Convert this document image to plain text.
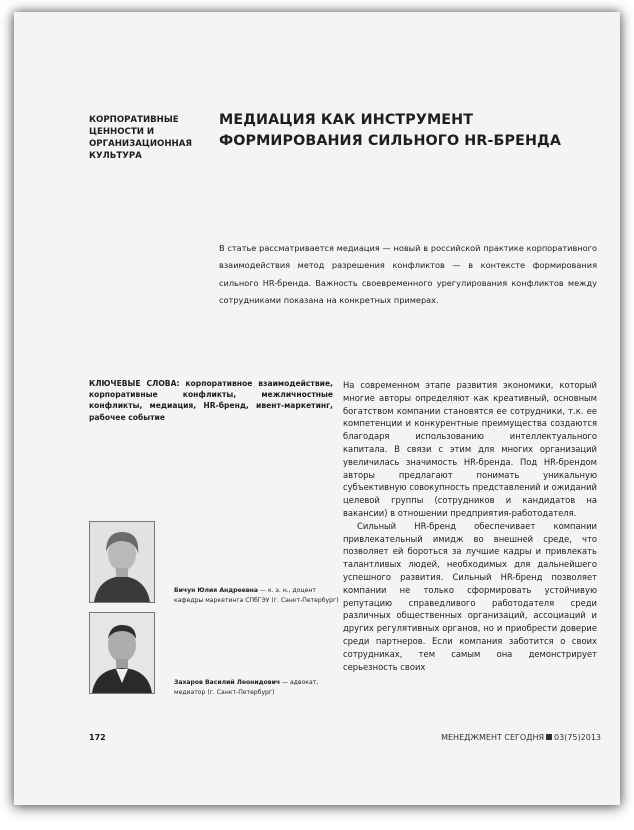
КОРПОРАТИВНЫЕ
ЦЕННОСТИ И
ОРГАНИЗАЦИОННАЯ
КУЛЬТУРА
МЕДИАЦИЯ КАК ИНСТРУМЕНТ
ФОРМИРОВАНИЯ СИЛЬНОГО HR-БРЕНДА
В статье рассматривается медиация — новый в российской практике корпоративного взаимодействия метод разрешения конфликтов — в контексте формирования сильного HR-бренда. Важность своевременного урегулирования конфликтов между сотрудниками показана на конкретных примерах.
КЛЮЧЕВЫЕ СЛОВА: корпоративное взаимодействие, корпоративные конфликты, межличностные конфликты, медиация, HR-бренд, ивент-маркетинг, рабочее событие

На современном этапе развития экономики, который многие авторы определяют как креативный, основным богатством компании становятся ее сотрудники, т.к. ее компетенции и конкурентные преимущества создаются благодаря использованию интеллектуального капитала. В связи с этим для многих организаций увеличилась значимость HR-бренда. Под HR-брендом авторы предлагают понимать уникальную субъективную совокупность представлений и ожиданий целевой группы (сотрудников и кандидатов на вакансии) в отношении предприятия-работодателя.

Сильный HR-бренд обеспечивает компании привлекательный имидж во внешней среде, что позволяет ей бороться за лучшие кадры и привлекать талантливых людей, необходимых для дальнейшего успешного развития. Сильный HR-бренд позволяет компании не только сформировать устойчивую репутацию справедливого работодателя среди различных общественных организаций, ассоциаций и других регулятивных органов, но и приобрести доверие среди партнеров. Если компания заботится о своих сотрудниках, тем самым она демонстрирует серьезность своих

Бичун Юлия Андреевна — к. э. н., доцент кафедры маркетинга СПбГЭУ (г. Санкт-Петербург)
Захаров Василий Леонидович — адвокат, медиатор (г. Санкт-Петербург)
172	МЕНЕДЖМЕНТ СЕГОДНЯ 03(75)2013
